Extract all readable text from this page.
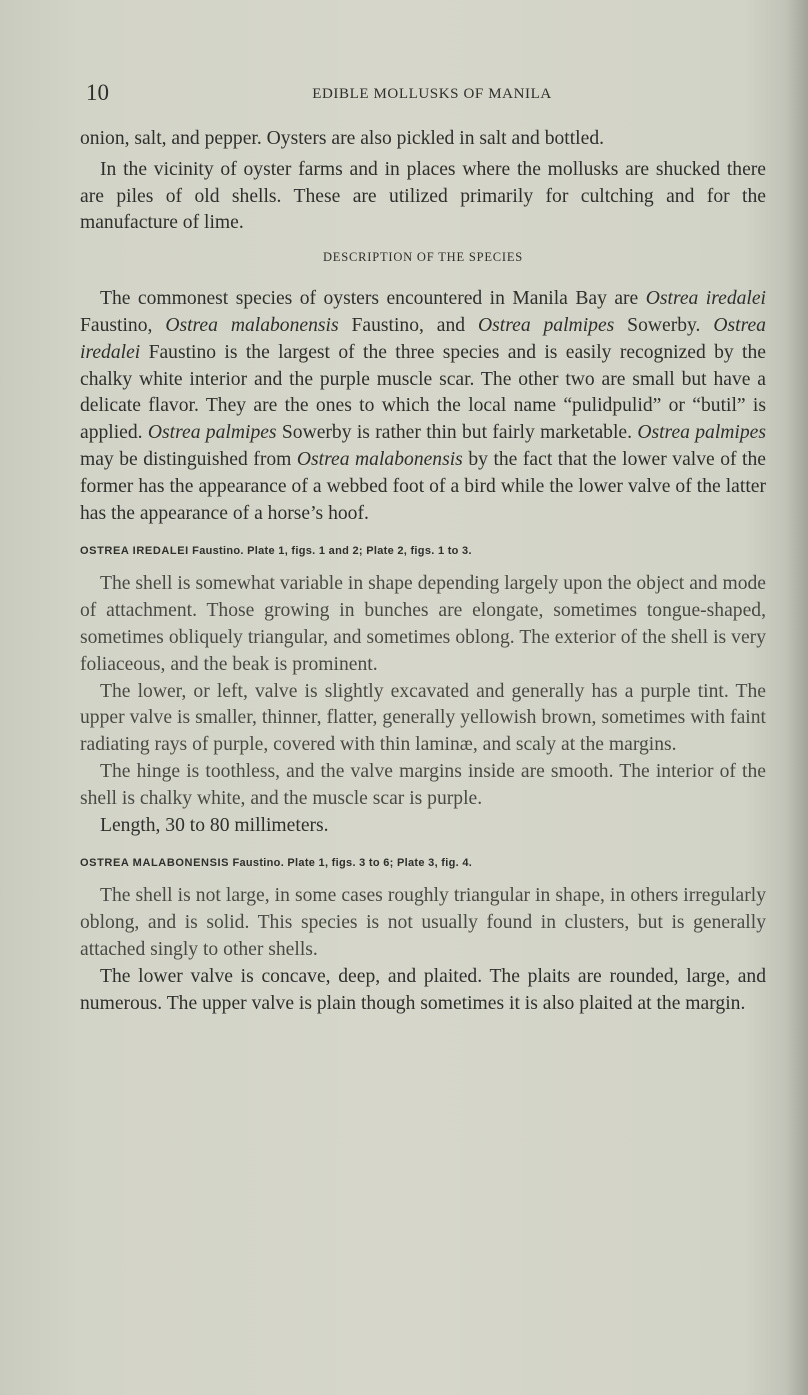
10	EDIBLE MOLLUSKS OF MANILA

onion, salt, and pepper. Oysters are also pickled in salt and bottled.

In the vicinity of oyster farms and in places where the mollusks are shucked there are piles of old shells. These are utilized primarily for cultching and for the manufacture of lime.

DESCRIPTION OF THE SPECIES

The commonest species of oysters encountered in Manila Bay are Ostrea iredalei Faustino, Ostrea malabonensis Faustino, and Ostrea palmipes Sowerby. Ostrea iredalei Faustino is the largest of the three species and is easily recognized by the chalky white interior and the purple muscle scar. The other two are small but have a delicate flavor. They are the ones to which the local name “pulidpulid” or “butil” is applied. Ostrea palmipes Sowerby is rather thin but fairly marketable. Ostrea palmipes may be distinguished from Ostrea malabonensis by the fact that the lower valve of the former has the appearance of a webbed foot of a bird while the lower valve of the latter has the appearance of a horse’s hoof.

OSTREA IREDALEI Faustino. Plate 1, figs. 1 and 2; Plate 2, figs. 1 to 3.

The shell is somewhat variable in shape depending largely upon the object and mode of attachment. Those growing in bunches are elongate, sometimes tongue-shaped, sometimes obliquely triangular, and sometimes oblong. The exterior of the shell is very foliaceous, and the beak is prominent.

The lower, or left, valve is slightly excavated and generally has a purple tint. The upper valve is smaller, thinner, flatter, generally yellowish brown, sometimes with faint radiating rays of purple, covered with thin laminæ, and scaly at the margins.

The hinge is toothless, and the valve margins inside are smooth. The interior of the shell is chalky white, and the muscle scar is purple.

Length, 30 to 80 millimeters.

OSTREA MALABONENSIS Faustino. Plate 1, figs. 3 to 6; Plate 3, fig. 4.

The shell is not large, in some cases roughly triangular in shape, in others irregularly oblong, and is solid. This species is not usually found in clusters, but is generally attached singly to other shells.

The lower valve is concave, deep, and plaited. The plaits are rounded, large, and numerous. The upper valve is plain though sometimes it is also plaited at the margin.
